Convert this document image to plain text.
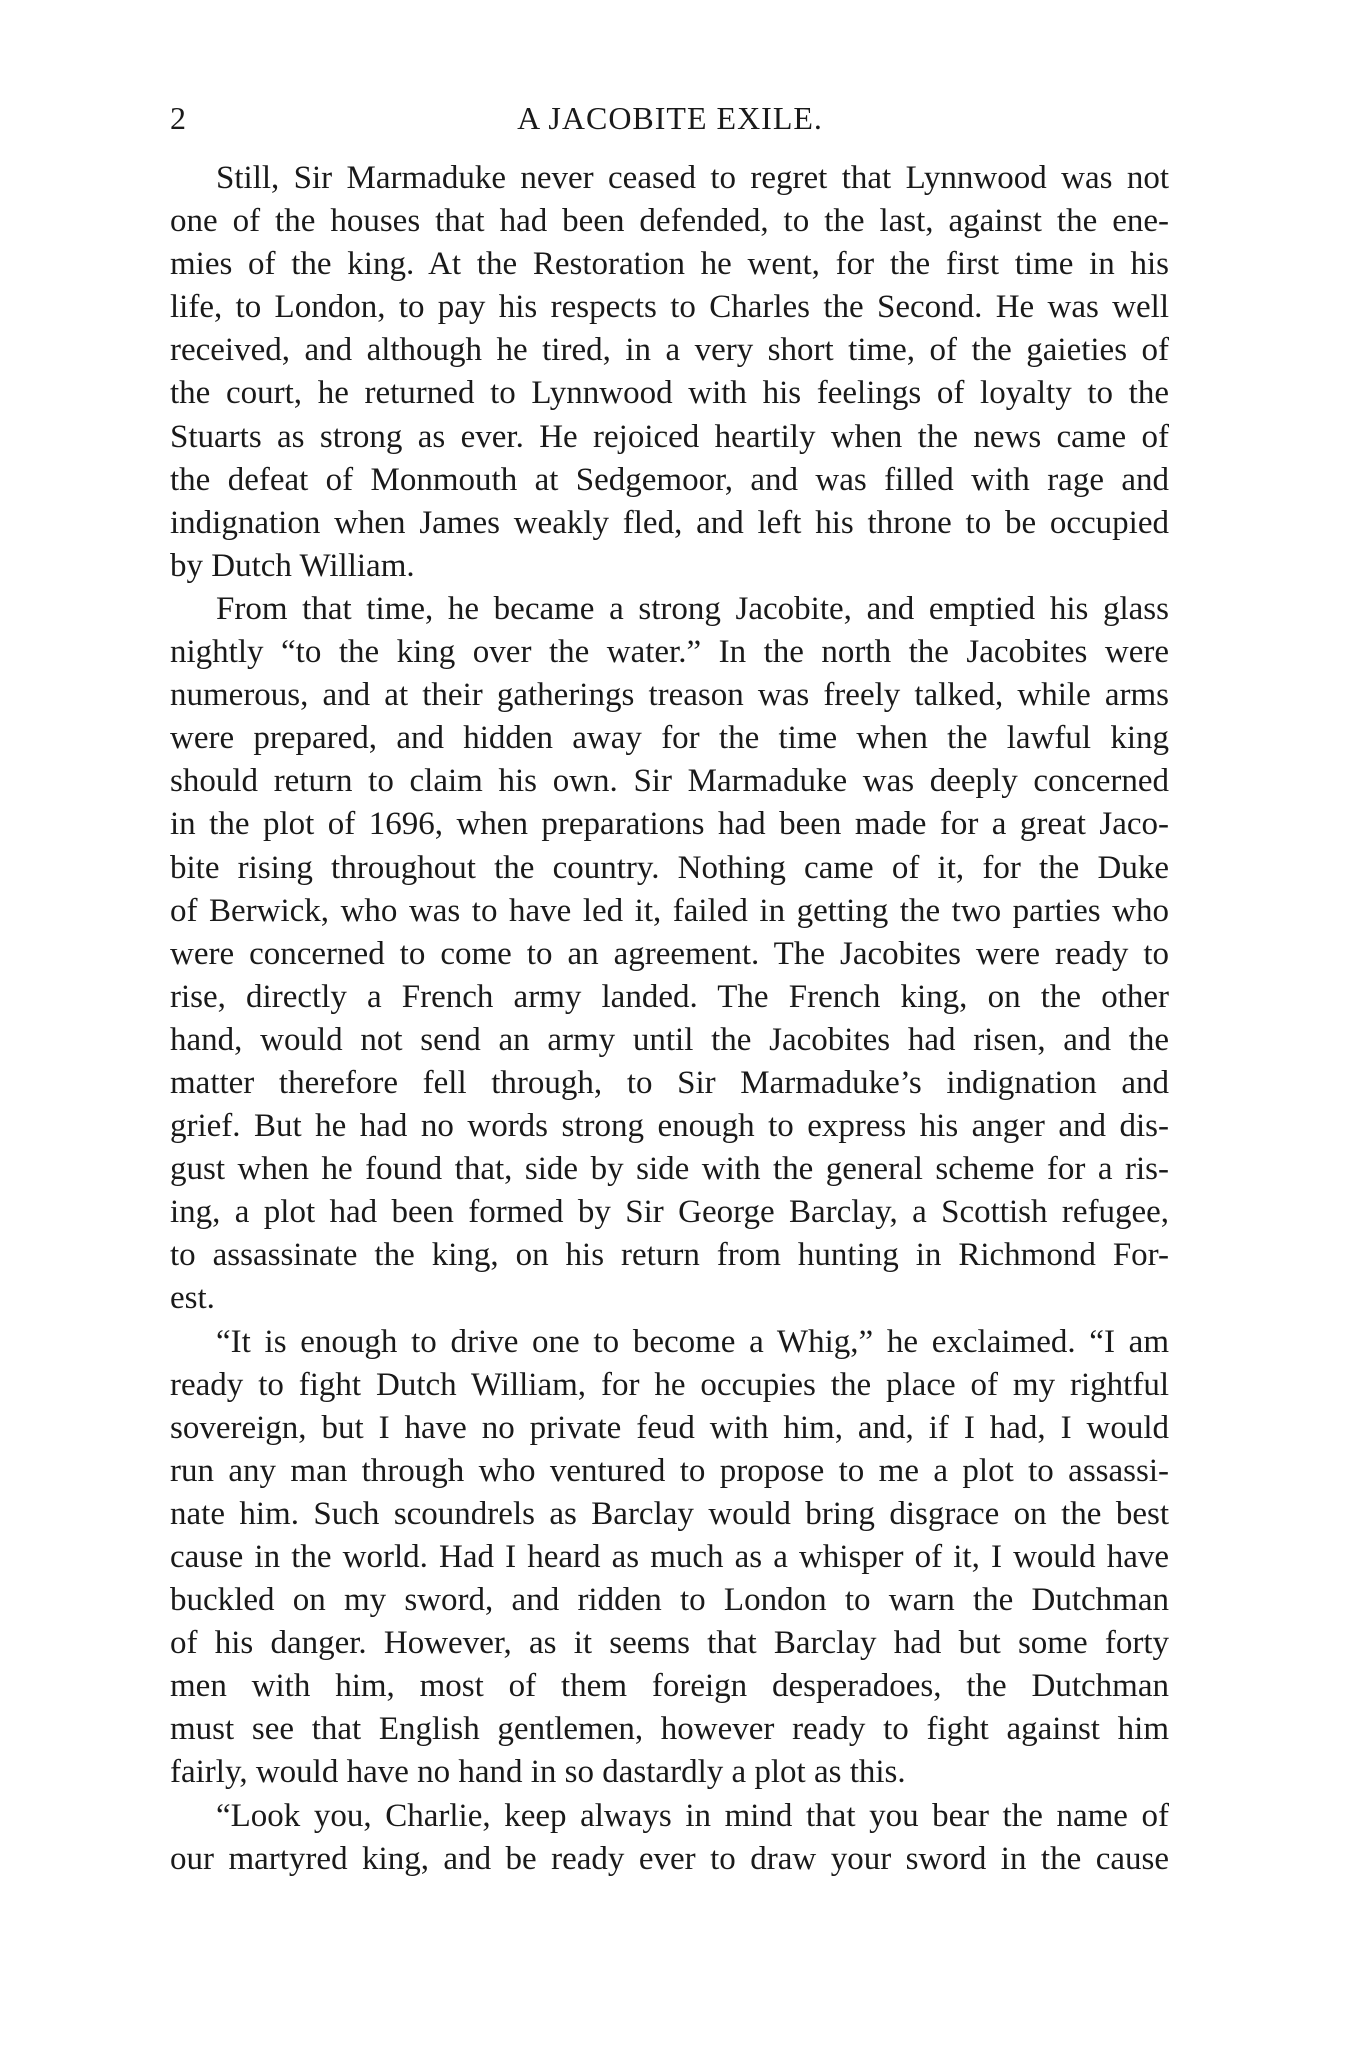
2	A JACOBITE EXILE.
Still, Sir Marmaduke never ceased to regret that Lynnwood was not
one of the houses that had been defended, to the last, against the ene-
mies of the king. At the Restoration he went, for the first time in his
life, to London, to pay his respects to Charles the Second. He was well
received, and although he tired, in a very short time, of the gaieties of
the court, he returned to Lynnwood with his feelings of loyalty to the
Stuarts as strong as ever. He rejoiced heartily when the news came of
the defeat of Monmouth at Sedgemoor, and was filled with rage and
indignation when James weakly fled, and left his throne to be occupied
by Dutch William.
From that time, he became a strong Jacobite, and emptied his glass
nightly “to the king over the water.” In the north the Jacobites were
numerous, and at their gatherings treason was freely talked, while arms
were prepared, and hidden away for the time when the lawful king
should return to claim his own. Sir Marmaduke was deeply concerned
in the plot of 1696, when preparations had been made for a great Jaco-
bite rising throughout the country. Nothing came of it, for the Duke
of Berwick, who was to have led it, failed in getting the two parties who
were concerned to come to an agreement. The Jacobites were ready to
rise, directly a French army landed. The French king, on the other
hand, would not send an army until the Jacobites had risen, and the
matter therefore fell through, to Sir Marmaduke’s indignation and
grief. But he had no words strong enough to express his anger and dis-
gust when he found that, side by side with the general scheme for a ris-
ing, a plot had been formed by Sir George Barclay, a Scottish refugee,
to assassinate the king, on his return from hunting in Richmond For-
est.
“It is enough to drive one to become a Whig,” he exclaimed. “I am
ready to fight Dutch William, for he occupies the place of my rightful
sovereign, but I have no private feud with him, and, if I had, I would
run any man through who ventured to propose to me a plot to assassi-
nate him. Such scoundrels as Barclay would bring disgrace on the best
cause in the world. Had I heard as much as a whisper of it, I would have
buckled on my sword, and ridden to London to warn the Dutchman
of his danger. However, as it seems that Barclay had but some forty
men with him, most of them foreign desperadoes, the Dutchman
must see that English gentlemen, however ready to fight against him
fairly, would have no hand in so dastardly a plot as this.
“Look you, Charlie, keep always in mind that you bear the name of
our martyred king, and be ready ever to draw your sword in the cause
